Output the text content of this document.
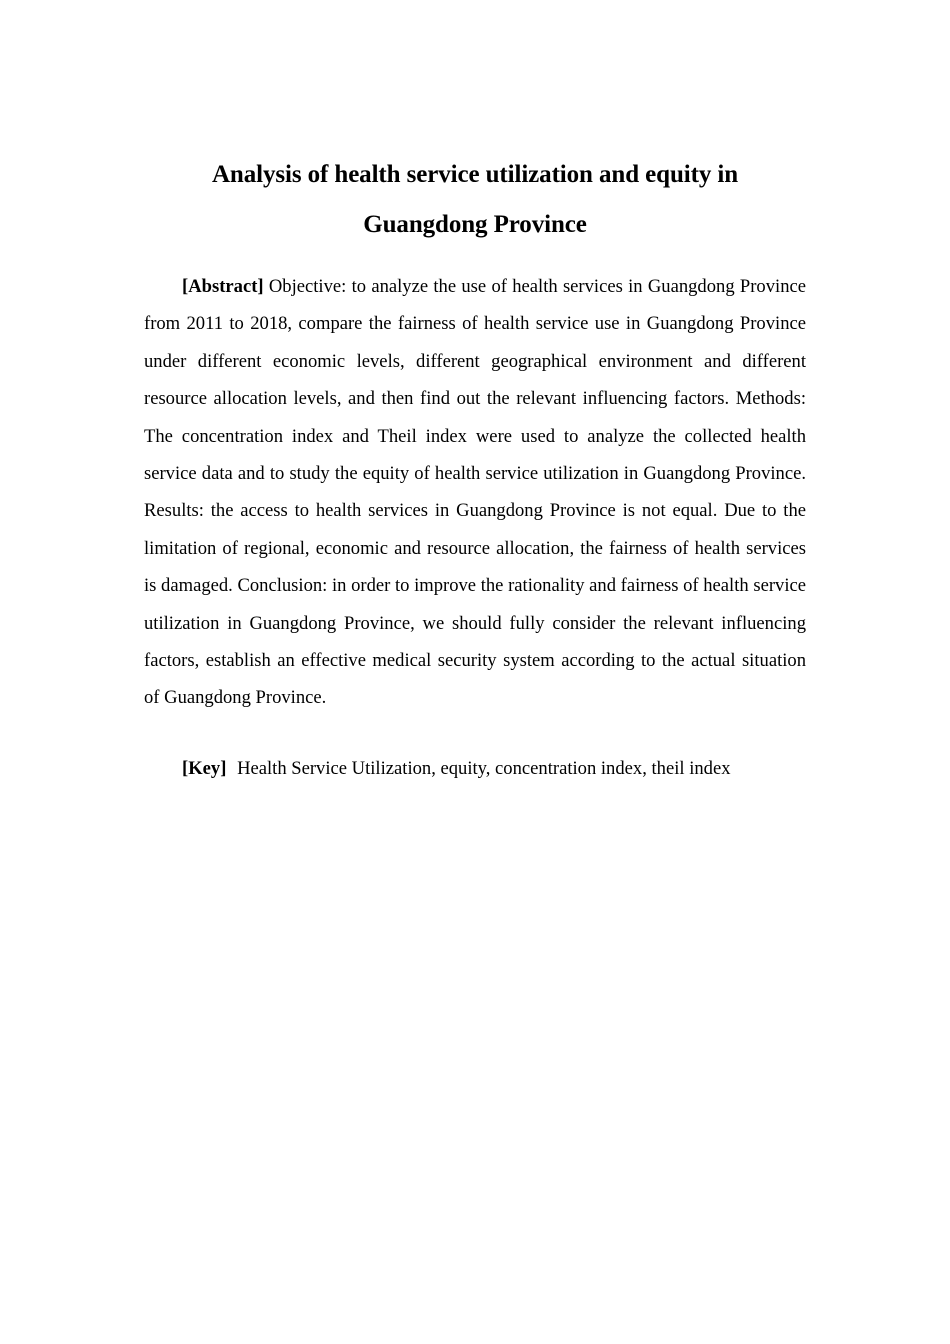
Analysis of health service utilization and equity in
Guangdong Province

[Abstract] Objective: to analyze the use of health services in Guangdong Province from 2011 to 2018, compare the fairness of health service use in Guangdong Province under different economic levels, different geographical environment and different resource allocation levels, and then find out the relevant influencing factors. Methods: The concentration index and Theil index were used to analyze the collected health service data and to study the equity of health service utilization in Guangdong Province. Results: the access to health services in Guangdong Province is not equal. Due to the limitation of regional, economic and resource allocation, the fairness of health services is damaged. Conclusion: in order to improve the rationality and fairness of health service utilization in Guangdong Province, we should fully consider the relevant influencing factors, establish an effective medical security system according to the actual situation of Guangdong Province.

[Key] Health Service Utilization, equity, concentration index, theil index
